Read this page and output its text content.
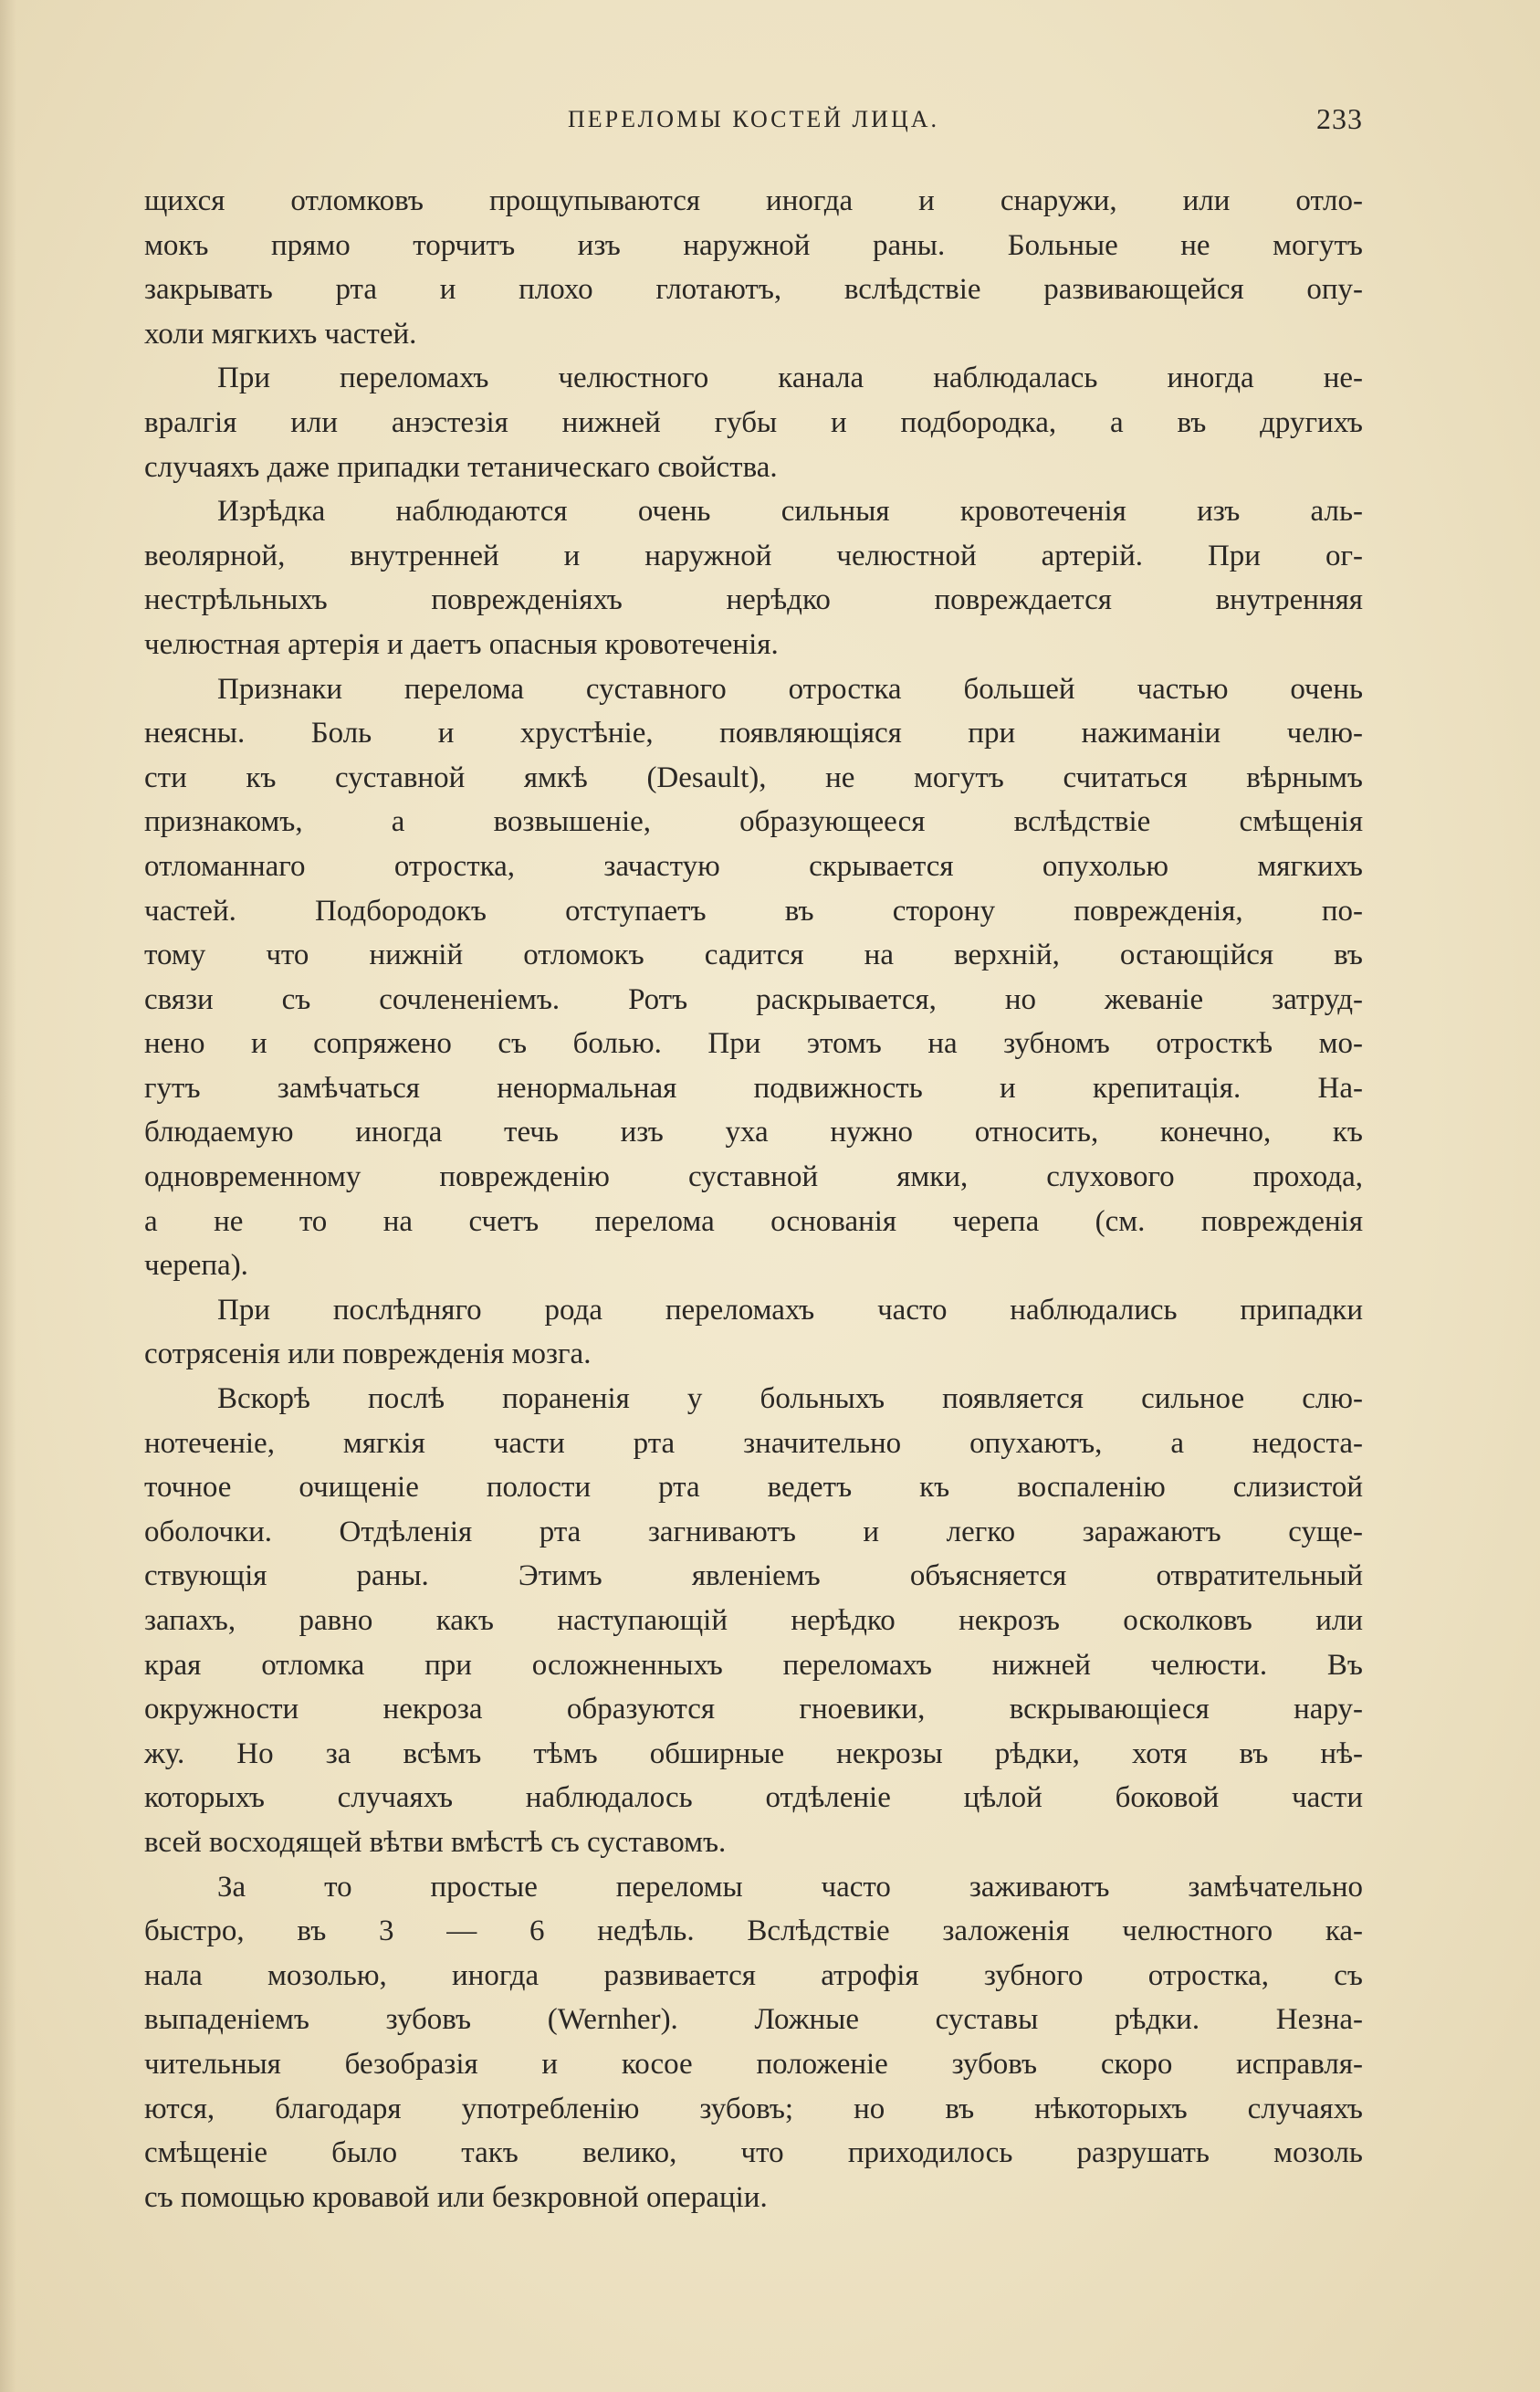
ПЕРЕЛОМЫ КОСТЕЙ ЛИЦА.	233
щихся отломковъ прощупываются иногда и снаружи, или отло-
мокъ прямо торчитъ изъ наружной раны. Больные не могутъ
закрывать рта и плохо глотаютъ, вслѣдствіе развивающейся опу-
холи мягкихъ частей.
При переломахъ челюстного канала наблюдалась иногда не-
вралгія или анэстезія нижней губы и подбородка, а въ другихъ
случаяхъ даже припадки тетаническаго свойства.
Изрѣдка наблюдаются очень сильныя кровотеченія изъ аль-
веолярной, внутренней и наружной челюстной артерій. При ог-
нестрѣльныхъ поврежденіяхъ нерѣдко повреждается внутренняя
челюстная артерія и даетъ опасныя кровотеченія.
Признаки перелома суставного отростка большей частью очень
неясны. Боль и хрустѣніе, появляющіяся при нажиманіи челю-
сти къ суставной ямкѣ (Desault), не могутъ считаться вѣрнымъ
признакомъ, а возвышеніе, образующееся вслѣдствіе смѣщенія
отломаннаго отростка, зачастую скрывается опухолью мягкихъ
частей. Подбородокъ отступаетъ въ сторону поврежденія, по-
тому что нижній отломокъ садится на верхній, остающійся въ
связи съ сочлененіемъ. Ротъ раскрывается, но жеваніе затруд-
нено и сопряжено съ болью. При этомъ на зубномъ отросткѣ мо-
гутъ замѣчаться ненормальная подвижность и крепитація. На-
блюдаемую иногда течь изъ уха нужно относить, конечно, къ
одновременному поврежденію суставной ямки, слухового прохода,
а не то на счетъ перелома основанія черепа (см. поврежденія
черепа).
При послѣдняго рода переломахъ часто наблюдались припадки
сотрясенія или поврежденія мозга.
Вскорѣ послѣ пораненія у больныхъ появляется сильное слю-
нотеченіе, мягкія части рта значительно опухаютъ, а недоста-
точное очищеніе полости рта ведетъ къ воспаленію слизистой
оболочки. Отдѣленія рта загниваютъ и легко заражаютъ суще-
ствующія раны. Этимъ явленіемъ объясняется отвратительный
запахъ, равно какъ наступающій нерѣдко некрозъ осколковъ или
края отломка при осложненныхъ переломахъ нижней челюсти. Въ
окружности некроза образуются гноевики, вскрывающіеся нару-
жу. Но за всѣмъ тѣмъ обширные некрозы рѣдки, хотя въ нѣ-
которыхъ случаяхъ наблюдалось отдѣленіе цѣлой боковой части
всей восходящей вѣтви вмѣстѣ съ суставомъ.
За то простые переломы часто заживаютъ замѣчательно
быстро, въ 3 — 6 недѣль. Вслѣдствіе заложенія челюстного ка-
нала мозолью, иногда развивается атрофія зубного отростка, съ
выпаденіемъ зубовъ (Wernher). Ложные суставы рѣдки. Незна-
чительныя безобразія и косое положеніе зубовъ скоро исправля-
ются, благодаря употребленію зубовъ; но въ нѣкоторыхъ случаяхъ
смѣщеніе было такъ велико, что приходилось разрушать мозоль
съ помощью кровавой или безкровной операціи.
